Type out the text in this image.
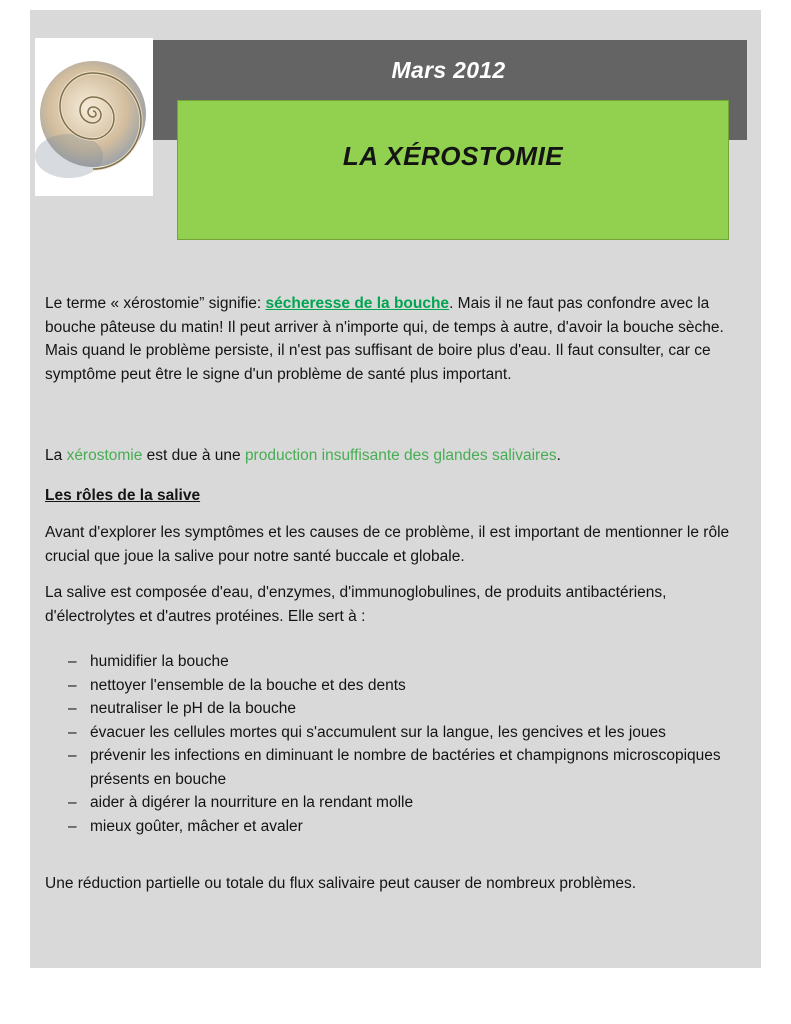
Mars 2012
LA XÉROSTOMIE

Le terme « xérostomie” signifie: sécheresse de la bouche. Mais il ne faut pas confondre avec la bouche pâteuse du matin! Il peut arriver à n'importe qui, de temps à autre, d'avoir la bouche sèche. Mais quand le problème persiste, il n'est pas suffisant de boire plus d'eau. Il faut consulter, car ce symptôme peut être le signe d'un problème de santé plus important.

La xérostomie est due à une production insuffisante des glandes salivaires.

Les rôles de la salive

Avant d'explorer les symptômes et les causes de ce problème, il est important de mentionner le rôle crucial que joue la salive pour notre santé buccale et globale.

La salive est composée d'eau, d'enzymes, d'immunoglobulines, de produits antibactériens, d'électrolytes et d'autres protéines. Elle sert à :

– humidifier la bouche
– nettoyer l'ensemble de la bouche et des dents
– neutraliser le pH de la bouche
– évacuer les cellules mortes qui s'accumulent sur la langue, les gencives et les joues
– prévenir les infections en diminuant le nombre de bactéries et champignons microscopiques présents en bouche
– aider à digérer la nourriture en la rendant molle
– mieux goûter, mâcher et avaler

Une réduction partielle ou totale du flux salivaire peut causer de nombreux problèmes.
